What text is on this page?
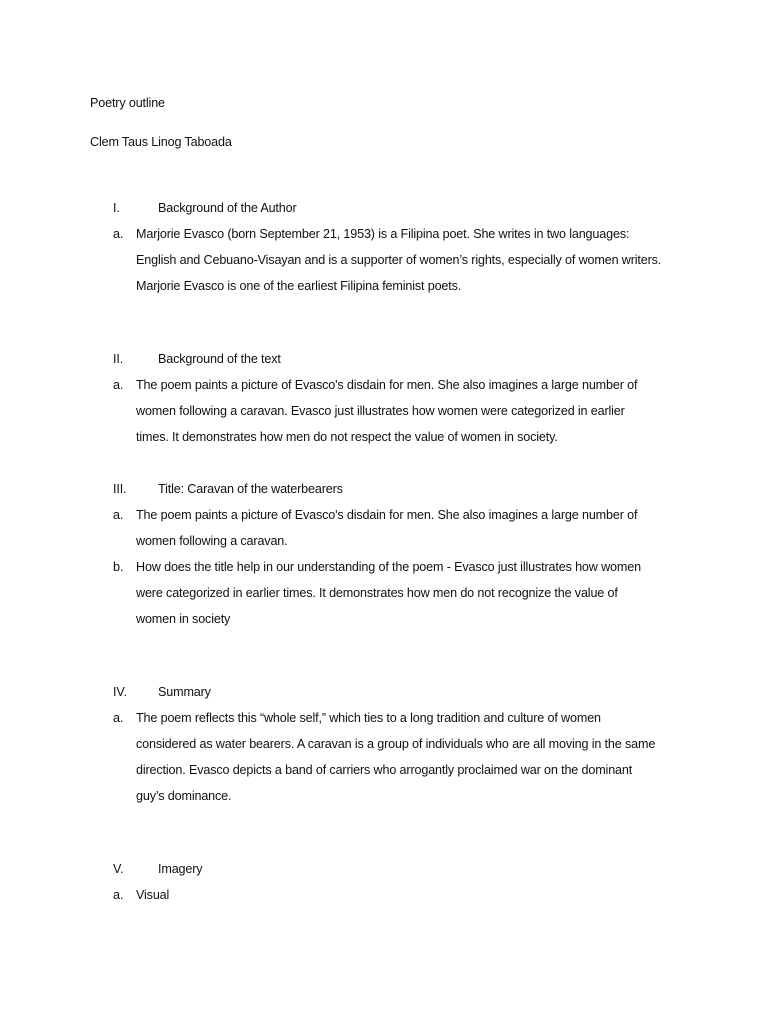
Poetry outline
Clem Taus Linog Taboada
I.	Background of the Author
a. Marjorie Evasco (born September 21, 1953) is a Filipina poet. She writes in two languages:
English and Cebuano-Visayan and is a supporter of women’s rights, especially of women writers.
Marjorie Evasco is one of the earliest Filipina feminist poets.
II.	Background of the text
a. The poem paints a picture of Evasco's disdain for men. She also imagines a large number of
women following a caravan. Evasco just illustrates how women were categorized in earlier
times. It demonstrates how men do not respect the value of women in society.
III.	Title: Caravan of the waterbearers
a. The poem paints a picture of Evasco's disdain for men. She also imagines a large number of
women following a caravan.
b. How does the title help in our understanding of the poem - Evasco just illustrates how women
were categorized in earlier times. It demonstrates how men do not recognize the value of
women in society
IV. Summary
a. The poem reflects this “whole self,” which ties to a long tradition and culture of women
considered as water bearers. A caravan is a group of individuals who are all moving in the same
direction. Evasco depicts a band of carriers who arrogantly proclaimed war on the dominant
guy’s dominance.
V.	Imagery
a. Visual
